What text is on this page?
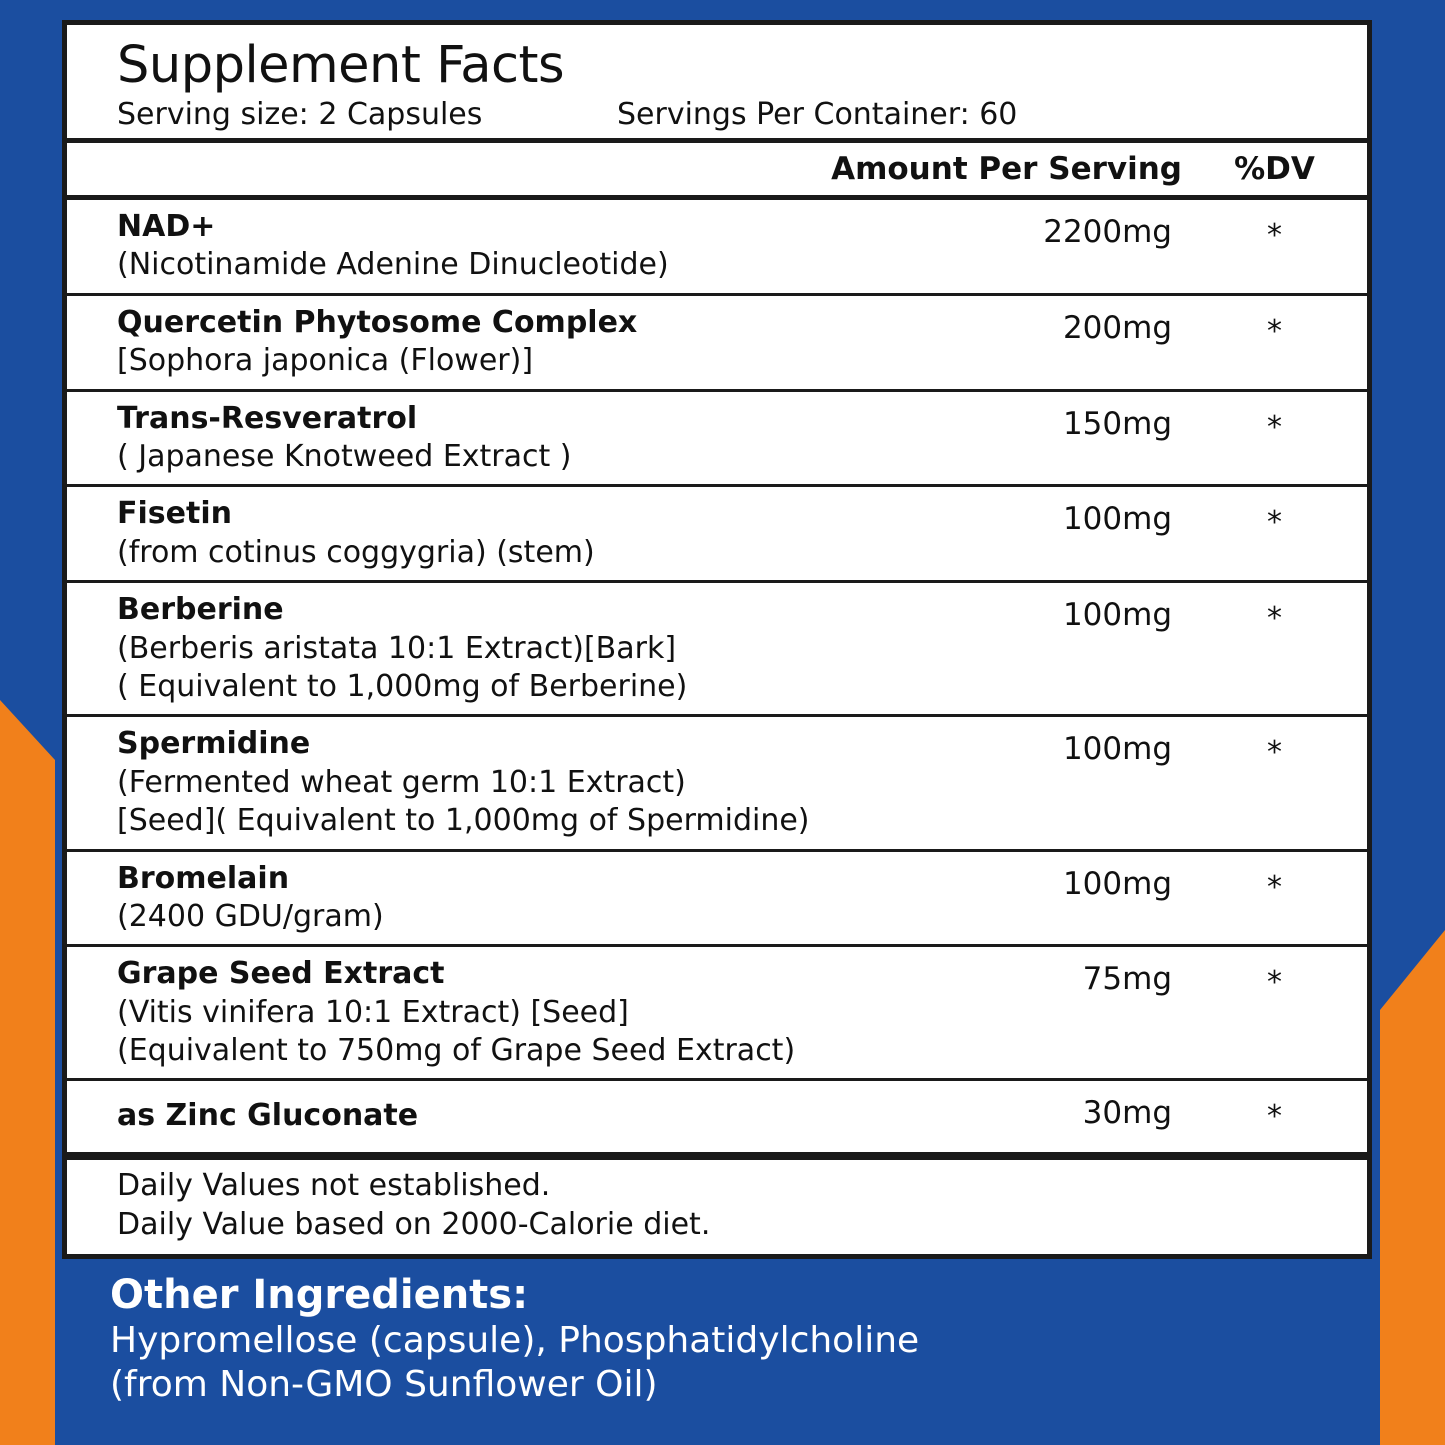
Supplement Facts
Serving size: 2 Capsules	Servings Per Container: 60
Amount Per Serving	%DV
NAD+
(Nicotinamide Adenine Dinucleotide)
2200mg	*
Quercetin Phytosome Complex
[Sophora japonica (Flower)]
200mg	*
Trans-Resveratrol
( Japanese Knotweed Extract )
150mg	*
Fisetin
(from cotinus coggygria) (stem)
100mg	*
Berberine
(Berberis aristata 10:1 Extract)[Bark]
( Equivalent to 1,000mg of Berberine)
100mg	*
Spermidine
(Fermented wheat germ 10:1 Extract)
[Seed]( Equivalent to 1,000mg of Spermidine)
100mg	*
Bromelain
(2400 GDU/gram)
100mg	*
Grape Seed Extract
(Vitis vinifera 10:1 Extract) [Seed]
(Equivalent to 750mg of Grape Seed Extract)
75mg	*
as Zinc Gluconate	30mg	*
Daily Values not established.
Daily Value based on 2000-Calorie diet.
Other Ingredients:
Hypromellose (capsule), Phosphatidylcholine
(from Non-GMO Sunflower Oil)
